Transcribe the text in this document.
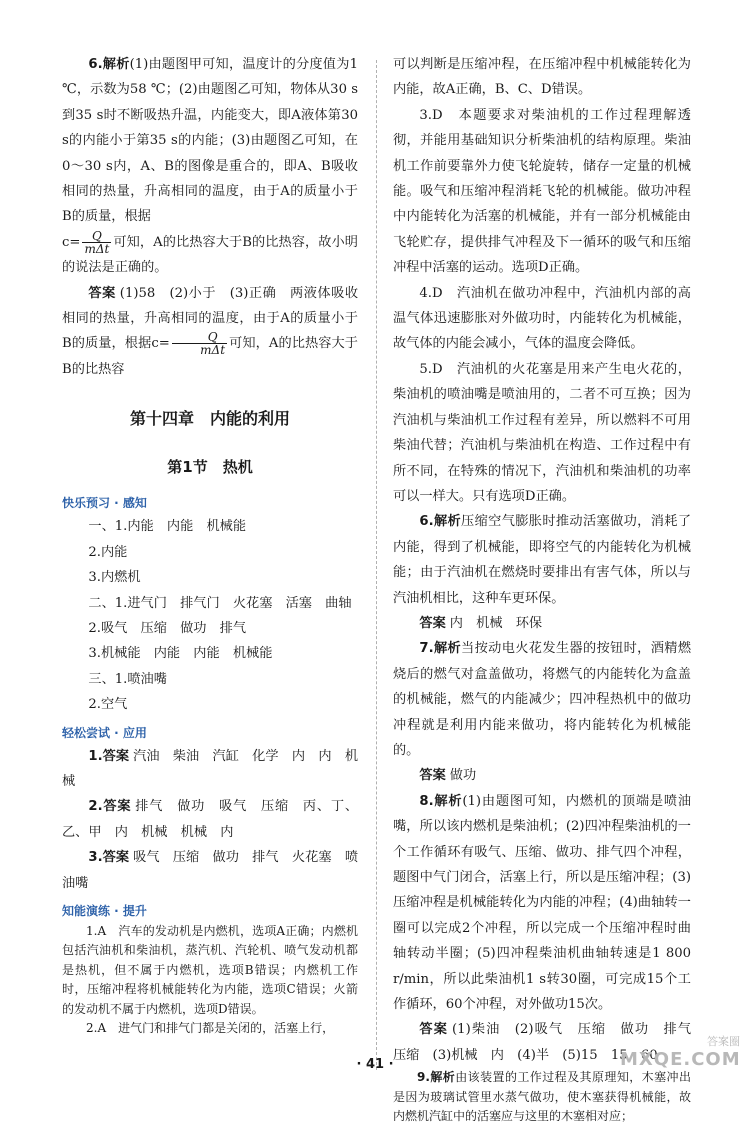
6.解析(1)由题图甲可知，温度计的分度值为1 ℃，示数为58 ℃；(2)由题图乙可知，物体从30 s到35 s时不断吸热升温，内能变大，即A液体第30 s的内能小于第35 s的内能；(3)由题图乙可知，在0～30 s内，A、B的图像是重合的，即A、B吸收相同的热量，升高相同的温度，由于A的质量小于B的质量，根据

$c= \frac{Q}{\text{mΔt}}$ 可知，A的比热容大于B的比热容，故小明的说法是正确的。

答案 (1)58　(2)小于　(3)正确　两液体吸收相同的热量，升高相同的温度，由于A的质量小于B的质量，根据$c= \frac{Q}{\text{mΔt}}$ 可知，A的比热容大于B的比热容

第十四章　内能的利用
第1节　热机
快乐预习 · 感知

一、1.内能　内能　机械能

2.内能

3.内燃机

二、1.进气门　排气门　火花塞　活塞　曲轴

2.吸气　压缩　做功　排气

3.机械能　内能　内能　机械能

三、1.喷油嘴

2.空气

轻松尝试 · 应用

1.答案 汽油　柴油　汽缸　化学　内　内　机械

2.答案 排气　做功　吸气　压缩　丙、丁、乙、甲　内　机械　机械　内

3.答案 吸气　压缩　做功　排气　火花塞　喷油嘴

知能演练 · 提升

1.A　汽车的发动机是内燃机，选项A正确；内燃机包括汽油机和柴油机，蒸汽机、汽轮机、喷气发动机都是热机，但不属于内燃机，选项B错误；内燃机工作时，压缩冲程将机械能转化为内能，选项C错误；火箭的发动机不属于内燃机，选项D错误。

2.A　进气门和排气门都是关闭的，活塞上行，

可以判断是压缩冲程，在压缩冲程中机械能转化为内能，故A正确，B、C、D错误。

3.D　本题要求对柴油机的工作过程理解透彻，并能用基础知识分析柴油机的结构原理。柴油机工作前要靠外力使飞轮旋转，储存一定量的机械能。吸气和压缩冲程消耗飞轮的机械能。做功冲程中内能转化为活塞的机械能，并有一部分机械能由飞轮贮存，提供排气冲程及下一循环的吸气和压缩冲程中活塞的运动。选项D正确。

4.D　汽油机在做功冲程中，汽油机内部的高温气体迅速膨胀对外做功时，内能转化为机械能，故气体的内能会减小，气体的温度会降低。

5.D　汽油机的火花塞是用来产生电火花的，柴油机的喷油嘴是喷油用的，二者不可互换；因为汽油机与柴油机工作过程有差异，所以燃料不可用柴油代替；汽油机与柴油机在构造、工作过程中有所不同，在特殊的情况下，汽油机和柴油机的功率可以一样大。只有选项D正确。

6.解析压缩空气膨胀时推动活塞做功，消耗了内能，得到了机械能，即将空气的内能转化为机械能；由于汽油机在燃烧时要排出有害气体，所以与汽油机相比，这种车更环保。

答案 内　机械　环保

7.解析当按动电火花发生器的按钮时，酒精燃烧后的燃气对盒盖做功，将燃气的内能转化为盒盖的机械能，燃气的内能减少；四冲程热机中的做功冲程就是利用内能来做功，将内能转化为机械能的。

答案 做功

8.解析(1)由题图可知，内燃机的顶端是喷油嘴，所以该内燃机是柴油机；(2)四冲程柴油机的一个工作循环有吸气、压缩、做功、排气四个冲程，题图中气门闭合，活塞上行，所以是压缩冲程；(3)压缩冲程是机械能转化为内能的冲程；(4)曲轴转一圈可以完成2个冲程，所以完成一个压缩冲程时曲轴转动半圈；(5)四冲程柴油机曲轴转速是1 800 r/min，所以此柴油机1 s转30圈，可完成15个工作循环，60个冲程，对外做功15次。

答案 (1)柴油　(2)吸气　压缩　做功　排气　压缩　(3)机械　内　(4)半　(5)15　15　60

9.解析由该装置的工作过程及其原理知，木塞冲出是因为玻璃试管里水蒸气做功，使木塞获得机械能，故内燃机汽缸中的活塞应与这里的木塞相对应；

· 41 ·
答案圈
MXQE.COM
